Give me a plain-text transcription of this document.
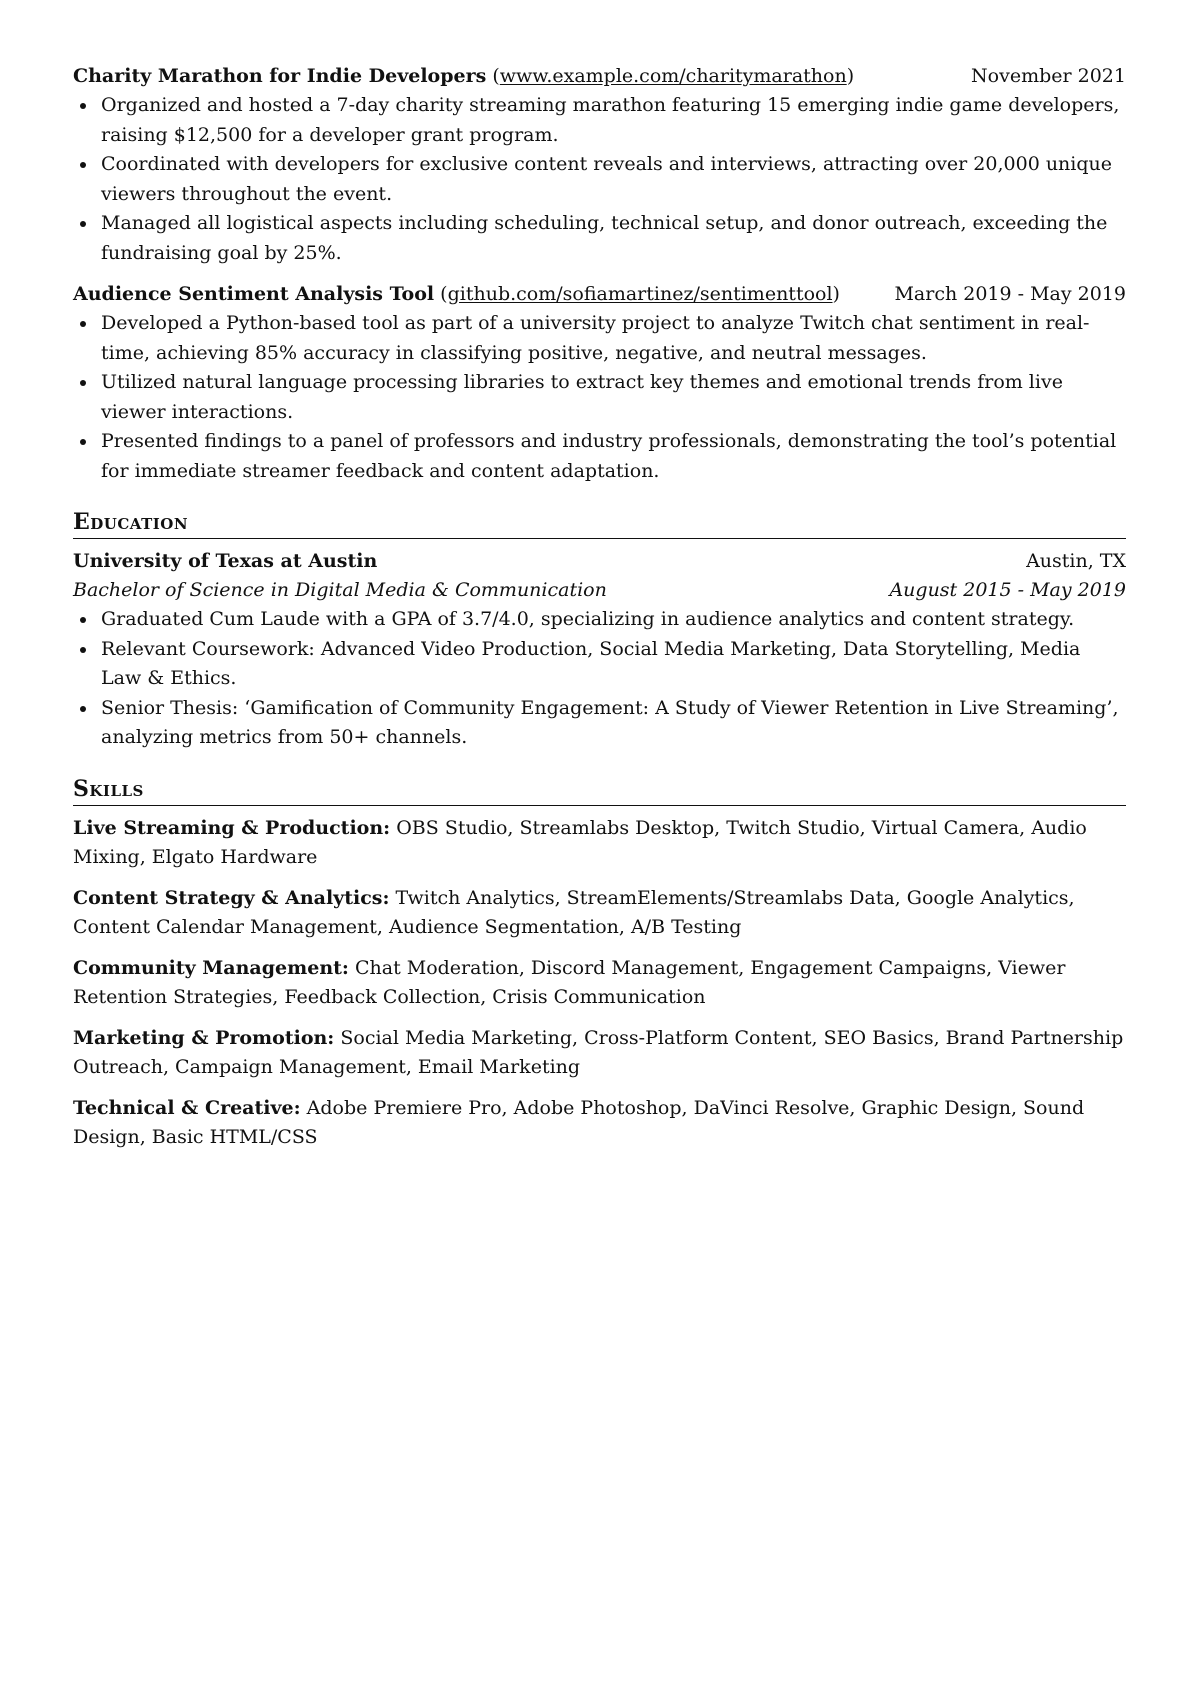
Charity Marathon for Indie Developers (www.example.com/charitymarathon)	November 2021
Organized and hosted a 7-day charity streaming marathon featuring 15 emerging indie game developers, raising $12,500 for a developer grant program.
Coordinated with developers for exclusive content reveals and interviews, attracting over 20,000 unique viewers throughout the event.
Managed all logistical aspects including scheduling, technical setup, and donor outreach, exceeding the fundraising goal by 25%.
Audience Sentiment Analysis Tool (github.com/sofiamartinez/sentimenttool)	March 2019 - May 2019
Developed a Python-based tool as part of a university project to analyze Twitch chat sentiment in real-time, achieving 85% accuracy in classifying positive, negative, and neutral messages.
Utilized natural language processing libraries to extract key themes and emotional trends from live viewer interactions.
Presented findings to a panel of professors and industry professionals, demonstrating the tool’s potential for immediate streamer feedback and content adaptation.
Education
University of Texas at Austin	Austin, TX
Bachelor of Science in Digital Media & Communication	August 2015 - May 2019
Graduated Cum Laude with a GPA of 3.7/4.0, specializing in audience analytics and content strategy.
Relevant Coursework: Advanced Video Production, Social Media Marketing, Data Storytelling, Media Law & Ethics.
Senior Thesis: ‘Gamification of Community Engagement: A Study of Viewer Retention in Live Streaming’, analyzing metrics from 50+ channels.
Skills
Live Streaming & Production: OBS Studio, Streamlabs Desktop, Twitch Studio, Virtual Camera, Audio Mixing, Elgato Hardware
Content Strategy & Analytics: Twitch Analytics, StreamElements/Streamlabs Data, Google Analytics, Content Calendar Management, Audience Segmentation, A/B Testing
Community Management: Chat Moderation, Discord Management, Engagement Campaigns, Viewer Retention Strategies, Feedback Collection, Crisis Communication
Marketing & Promotion: Social Media Marketing, Cross-Platform Content, SEO Basics, Brand Partnership Outreach, Campaign Management, Email Marketing
Technical & Creative: Adobe Premiere Pro, Adobe Photoshop, DaVinci Resolve, Graphic Design, Sound Design, Basic HTML/CSS
